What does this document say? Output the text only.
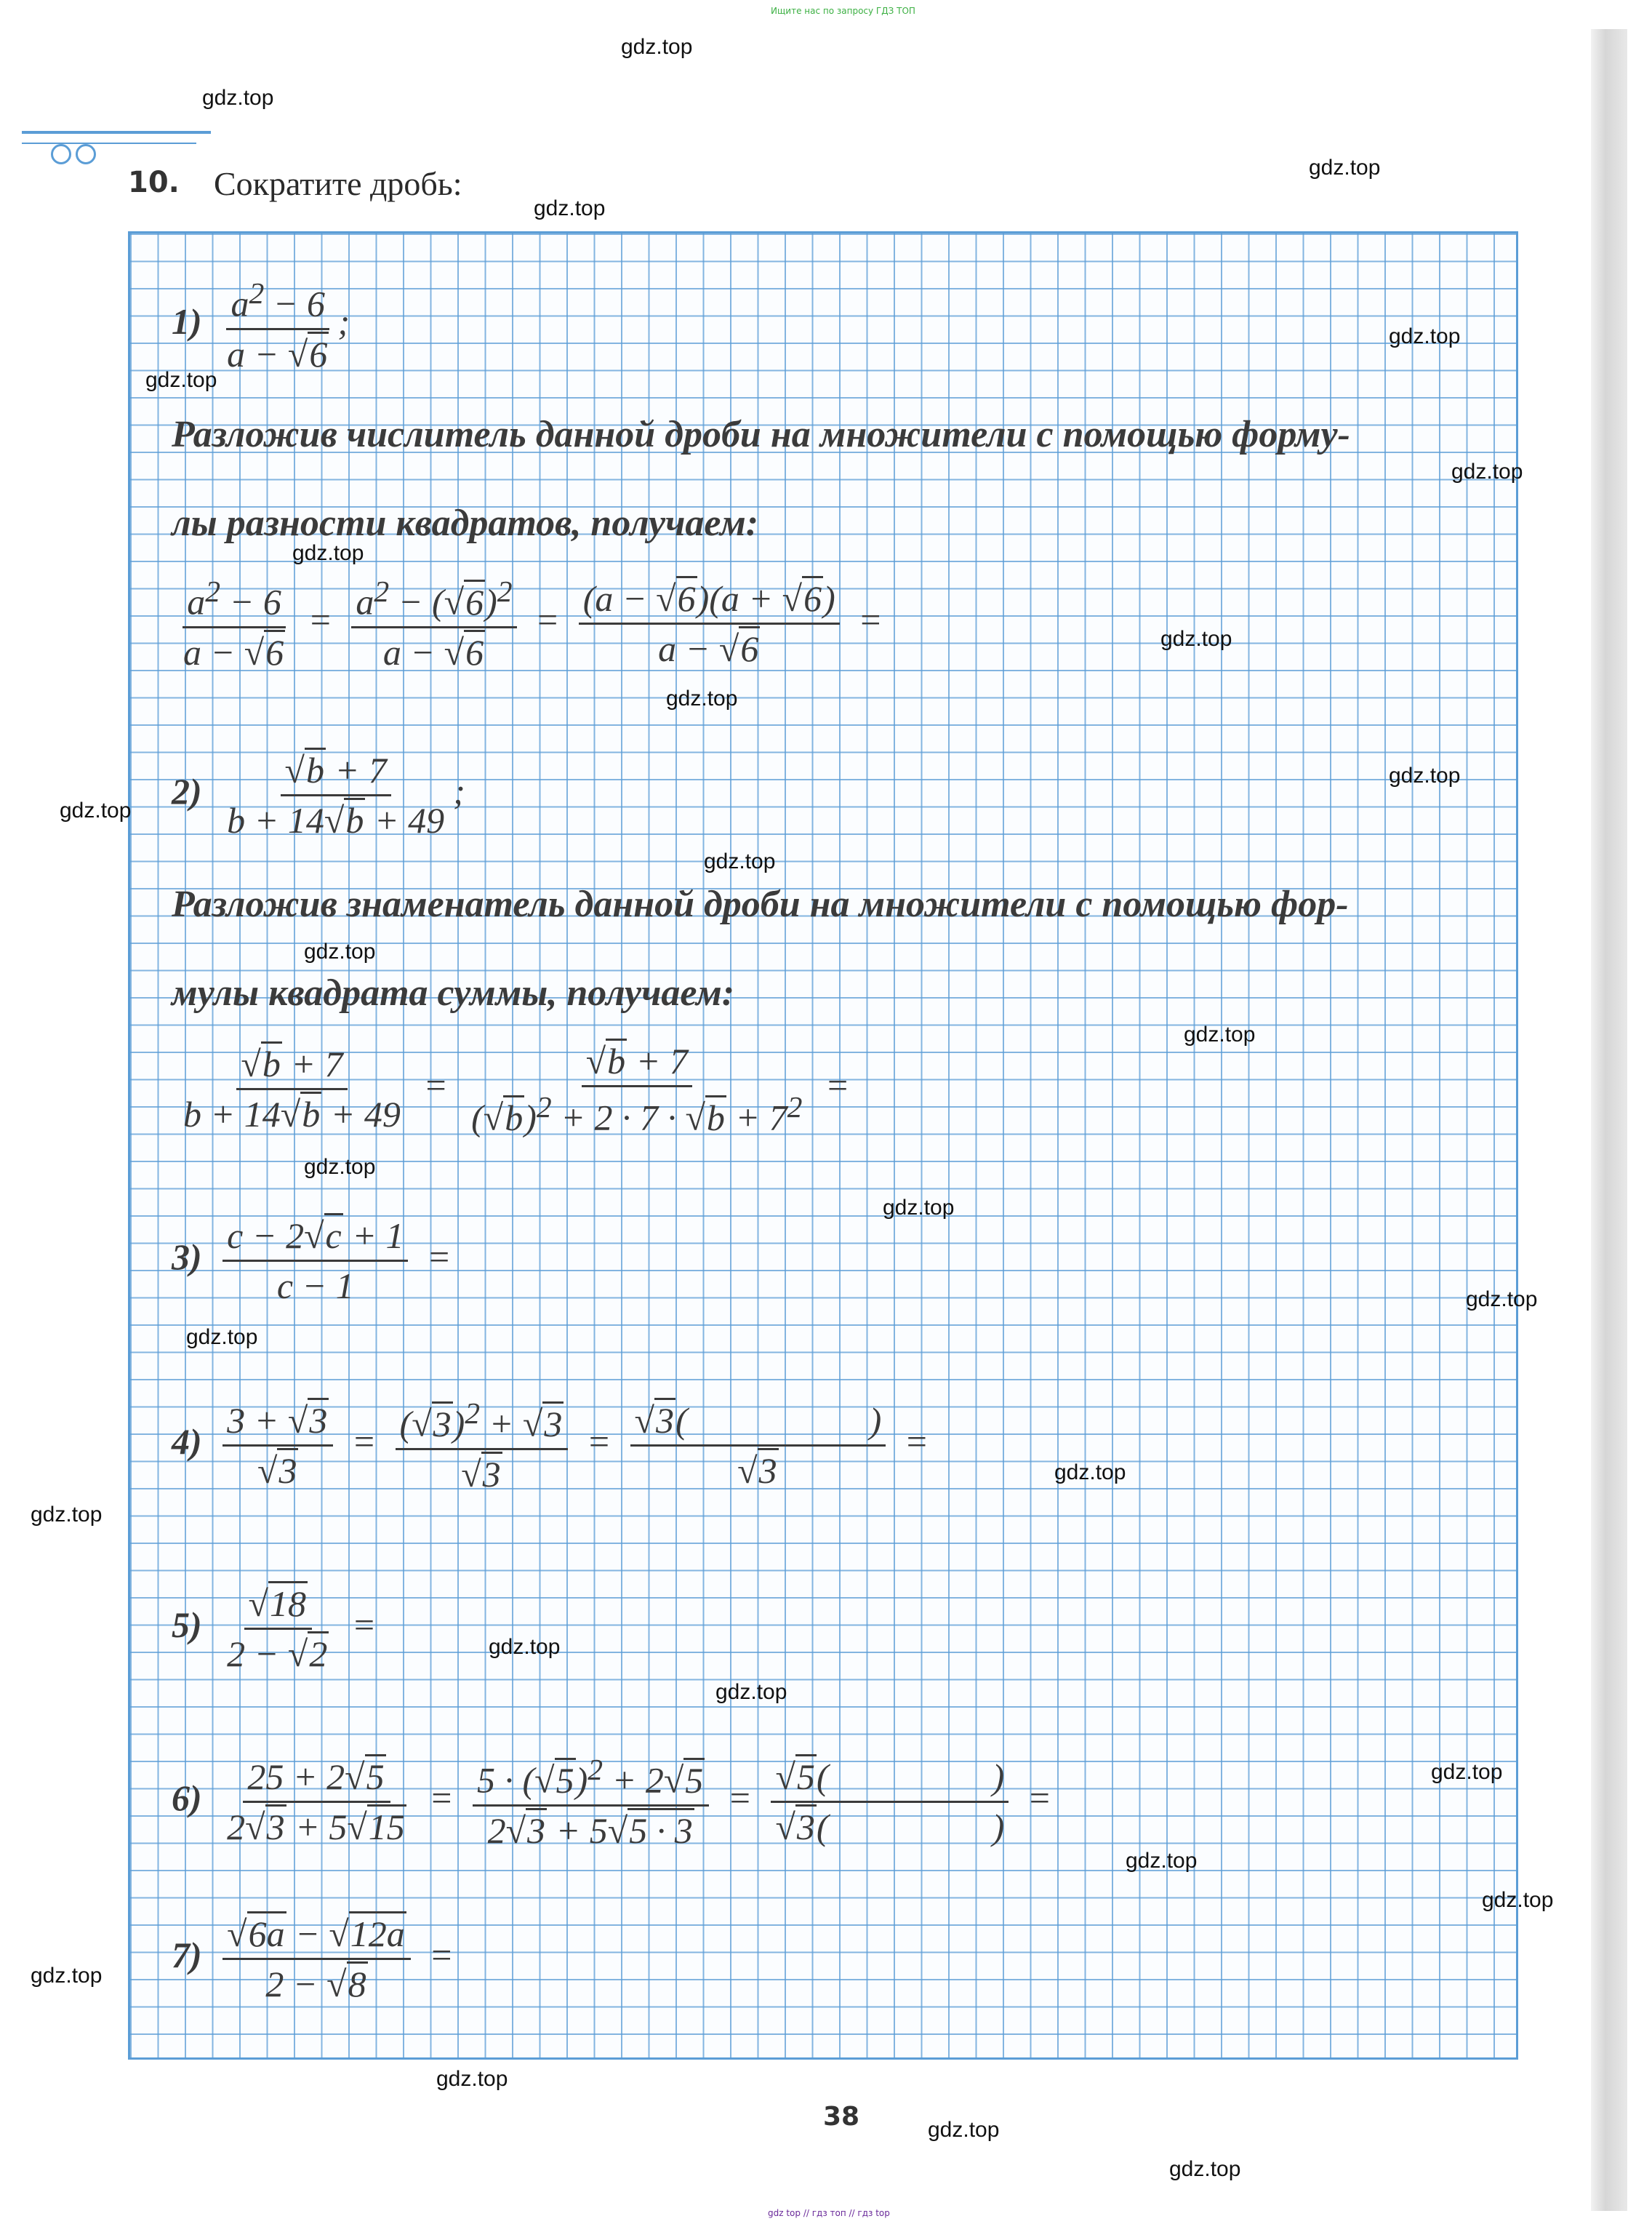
Ищите нас по запросу ГДЗ ТОП
10. Сократите дробь:
$1) \frac{a^2 - 6}{a - √6}$ ;
Разложив числитель данной дроби на множители с помощью форму-
лы разности квадратов, получаем:
$\frac{a^2 - 6}{a - √6} = \frac{a^2 - (√6)^2}{a - √6} = \frac{(a - √6)(a + √6)}{a - √6}$ =
$2) \frac{√b + 7}{b + 14√b + 49}$ ;
Разложив знаменатель данной дроби на множители с помощью фор-
мулы квадрата суммы, получаем:
$\frac{√b + 7}{b + 14√b + 49} = \frac{√b + 7}{(√b)^2 + 2 \cdot 7 \cdot √b + 7^2}$ =
$3) \frac{c - 2√c + 1}{c - 1}$ =
$4) \frac{3 + √3}{√3} = \frac{(√3)^2 + √3}{√3} = \frac{√3( )}{√3}$ =
$5) \frac{√18}{2 - √2}$ =
$6) \frac{25 + 2√5}{2√3 + 5√15} = \frac{5 \cdot (√5)^2 + 2√5}{2√3 + 5√5 \cdot 3} = \frac{√5( )}{√3( )}$ =
$7) \frac{√6a - √12a}{2 - √8}$ =
38
gdz.top
gdz.top
gdz.top
gdz.top
gdz.top
gdz.top
gdz.top
gdz.top
gdz.top
gdz.top
gdz.top
gdz.top
gdz.top
gdz.top
gdz.top
gdz.top
gdz.top
gdz.top
gdz.top
gdz.top
gdz.top
gdz.top
gdz.top
gdz.top
gdz.top
gdz.top
gdz.top
gdz.top
gdz.top
gdz.top
gdz top // гдз топ // гдз top
